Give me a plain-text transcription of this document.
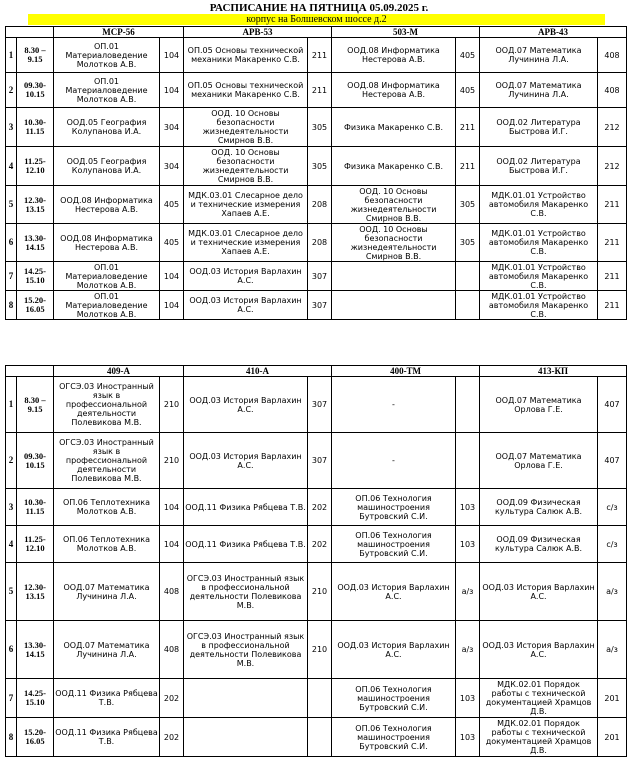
РАСПИСАНИЕ НА ПЯТНИЦА 05.09.2025 г.
корпус на Болшевском шоссе д.2
		МСР-56		АРВ-53		503-М		АРВ-43	
1	8.30 – 9.15	ОП.01 Материаловедение Молотков А.В.	104	ОП.05 Основы технической механики Макаренко С.В.	211	ООД.08 Информатика Нестерова А.В.	405	ООД.07 Математика Лучинина Л.А.	408
2	09.30- 10.15	ОП.01 Материаловедение Молотков А.В.	104	ОП.05 Основы технической механики Макаренко С.В.	211	ООД.08 Информатика Нестерова А.В.	405	ООД.07 Математика Лучинина Л.А.	408
3	10.30- 11.15	ООД.05 География Колупанова И.А.	304	ООД. 10 Основы безопасности жизнедеятельности Смирнов В.В.	305	Физика Макаренко С.В.	211	ООД.02 Литература Быстрова И.Г.	212
4	11.25- 12.10	ООД.05 География Колупанова И.А.	304	ООД. 10 Основы безопасности жизнедеятельности Смирнов В.В.	305	Физика Макаренко С.В.	211	ООД.02 Литература Быстрова И.Г.	212
5	12.30- 13.15	ООД.08 Информатика Нестерова А.В.	405	МДК.03.01 Слесарное дело и технические измерения Хапаев А.Е.	208	ООД. 10 Основы безопасности жизнедеятельности Смирнов В.В.	305	МДК.01.01 Устройство автомобиля Макаренко С.В.	211
6	13.30- 14.15	ООД.08 Информатика Нестерова А.В.	405	МДК.03.01 Слесарное дело и технические измерения Хапаев А.Е.	208	ООД. 10 Основы безопасности жизнедеятельности Смирнов В.В.	305	МДК.01.01 Устройство автомобиля Макаренко С.В.	211
7	14.25- 15.10	ОП.01 Материаловедение Молотков А.В.	104	ООД.03 История Варлахин А.С.	307			МДК.01.01 Устройство автомобиля Макаренко С.В.	211
8	15.20- 16.05	ОП.01 Материаловедение Молотков А.В.	104	ООД.03 История Варлахин А.С.	307			МДК.01.01 Устройство автомобиля Макаренко С.В.	211
		409-А		410-А		400-ТМ		413-КП	
1	8.30 – 9.15	ОГСЭ.03 Иностранный язык в профессиональной деятельности Полевикова М.В.	210	ООД.03 История Варлахин А.С.	307	-		ООД.07 Математика Орлова Г.Е.	407
2	09.30- 10.15	ОГСЭ.03 Иностранный язык в профессиональной деятельности Полевикова М.В.	210	ООД.03 История Варлахин А.С.	307	-		ООД.07 Математика Орлова Г.Е.	407
3	10.30- 11.15	ОП.06 Теплотехника Молотков А.В.	104	ООД.11 Физика Рябцева Т.В.	202	ОП.06 Технология машиностроения Бутровский С.И.	103	ООД.09 Физическая культура Салюк А.В.	с/з
4	11.25- 12.10	ОП.06 Теплотехника Молотков А.В.	104	ООД.11 Физика Рябцева Т.В.	202	ОП.06 Технология машиностроения Бутровский С.И.	103	ООД.09 Физическая культура Салюк А.В.	с/з
5	12.30- 13.15	ООД.07 Математика Лучинина Л.А.	408	ОГСЭ.03 Иностранный язык в профессиональной деятельности Полевикова М.В.	210	ООД.03 История Варлахин А.С.	а/з	ООД.03 История Варлахин А.С.	а/з
6	13.30- 14.15	ООД.07 Математика Лучинина Л.А.	408	ОГСЭ.03 Иностранный язык в профессиональной деятельности Полевикова М.В.	210	ООД.03 История Варлахин А.С.	а/з	ООД.03 История Варлахин А.С.	а/з
7	14.25- 15.10	ООД.11 Физика Рябцева Т.В.	202			ОП.06 Технология машиностроения Бутровский С.И.	103	МДК.02.01 Порядок работы с технической документацией Храмцов Д.В.	201
8	15.20- 16.05	ООД.11 Физика Рябцева Т.В.	202			ОП.06 Технология машиностроения Бутровский С.И.	103	МДК.02.01 Порядок работы с технической документацией Храмцов Д.В.	201
